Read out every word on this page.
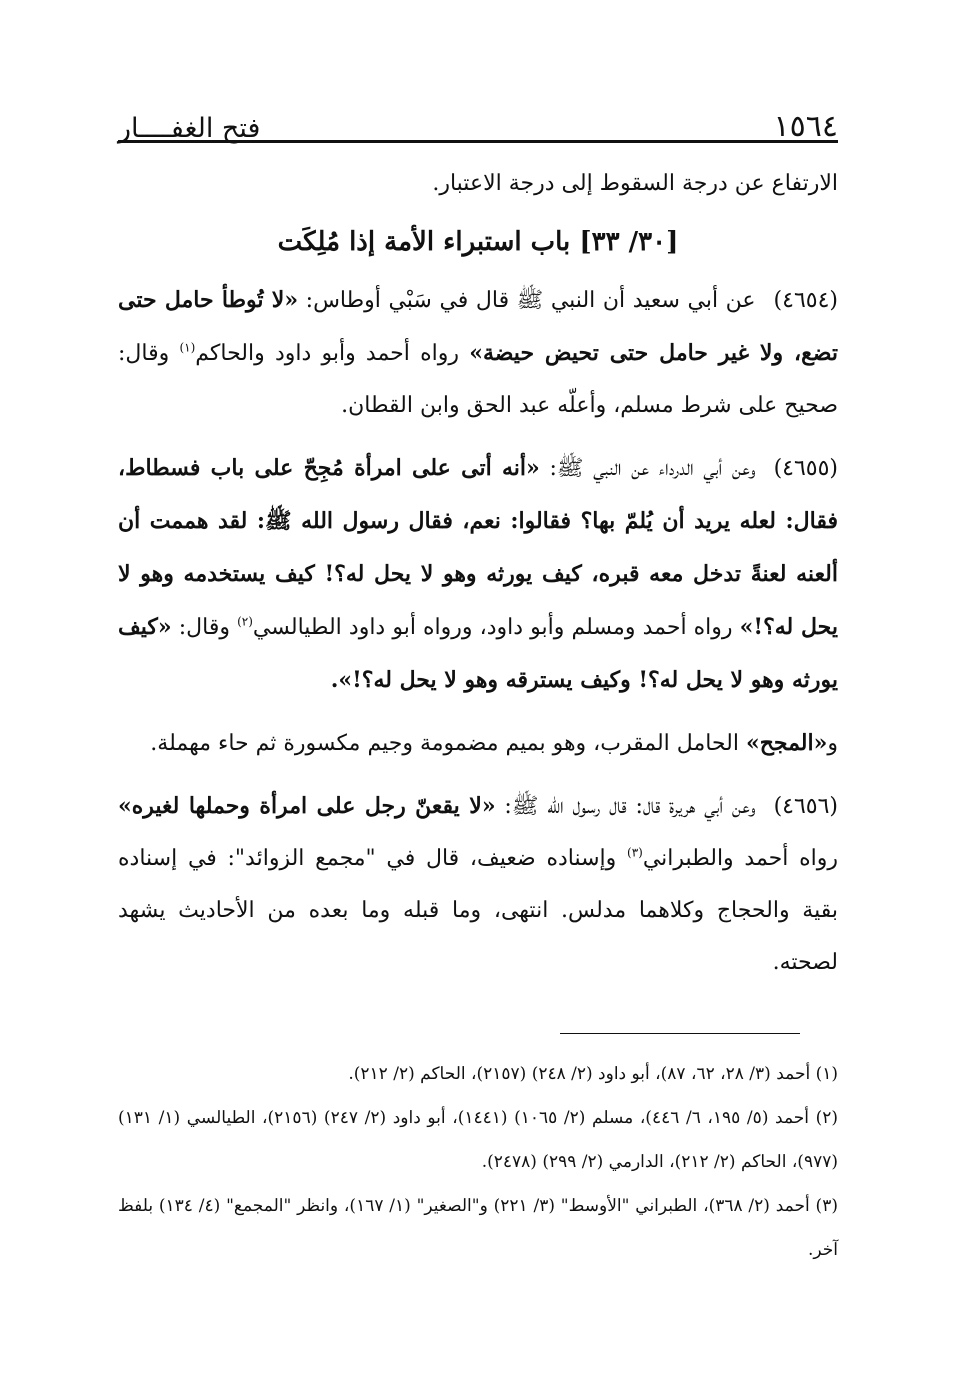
١٥٦٤
فتح الغفــــار

الارتفاع عن درجة السقوط إلى درجة الاعتبار.

[٣٠/ ٣٣] باب استبراء الأمة إذا مُلِكَت

(٤٦٥٤)عن أبي سعيد أن النبي ﷺ قال في سَبْي أوطاس: «لا تُوطأ حامل حتى تضع، ولا غير حامل حتى تحيض حيضة» رواه أحمد وأبو داود والحاكم$^{(١)}$ وقال: صحيح على شرط مسلم، وأعلّه عبد الحق وابن القطان.

(٤٦٥٥)وعن أبي الدرداء عن النبي ﷺ: «أنه أتى على امرأة مُجِحّ على باب فسطاط، فقال: لعله يريد أن يُلمّ بها؟ فقالوا: نعم، فقال رسول الله ﷺ: لقد هممت أن ألعنه لعنةً تدخل معه قبره، كيف يورثه وهو لا يحل له؟! كيف يستخدمه وهو لا يحل له؟!» رواه أحمد ومسلم وأبو داود، ورواه أبو داود الطيالسي$^{(٢)}$ وقال: «كيف يورثه وهو لا يحل له؟! وكيف يسترقه وهو لا يحل له؟!».

و«المجح» الحامل المقرب، وهو بميم مضمومة وجيم مكسورة ثم حاء مهملة.

(٤٦٥٦)وعن أبي هريرة قال: قال رسول الله ﷺ: «لا يقعنّ رجل على امرأة وحملها لغيره» رواه أحمد والطبراني$^{(٣)}$ وإسناده ضعيف، قال في "مجمع الزوائد": في إسناده بقية والحجاج وكلاهما مدلس. انتهى، وما قبله وما بعده من الأحاديث يشهد لصحته.

(١) أحمد (٣/ ٢٨، ٦٢، ٨٧)، أبو داود (٢/ ٢٤٨) (٢١٥٧)، الحاكم (٢/ ٢١٢).

(٢) أحمد (٥/ ١٩٥، ٦/ ٤٤٦)، مسلم (٢/ ١٠٦٥) (١٤٤١)، أبو داود (٢/ ٢٤٧) (٢١٥٦)، الطيالسي (١/ ١٣١) (٩٧٧)، الحاكم (٢/ ٢١٢)، الدارمي (٢/ ٢٩٩) (٢٤٧٨).

(٣) أحمد (٢/ ٣٦٨)، الطبراني "الأوسط" (٣/ ٢٢١) و"الصغير" (١/ ١٦٧)، وانظر "المجمع" (٤/ ١٣٤) بلفظ آخر.
